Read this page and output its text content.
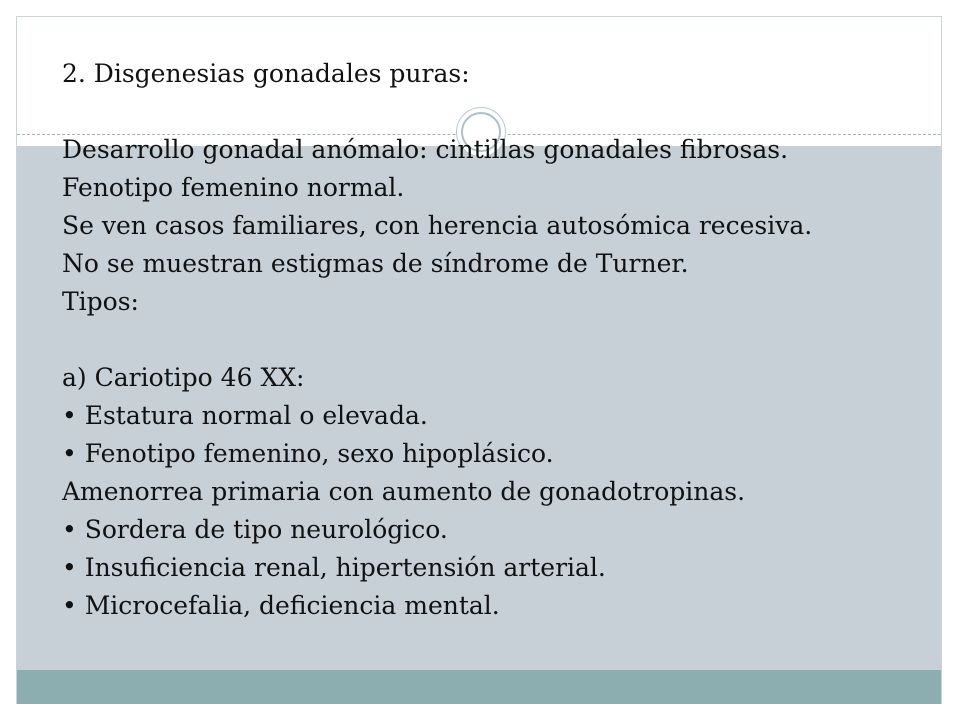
2. Disgenesias gonadales puras:
Desarrollo gonadal anómalo: cintillas gonadales fibrosas.
Fenotipo femenino normal.
Se ven casos familiares, con herencia autosómica recesiva.
No se muestran estigmas de síndrome de Turner.
Tipos:
a) Cariotipo 46 XX:
• Estatura normal o elevada.
• Fenotipo femenino, sexo hipoplásico.
Amenorrea primaria con aumento de gonadotropinas.
• Sordera de tipo neurológico.
• Insuficiencia renal, hipertensión arterial.
• Microcefalia, deficiencia mental.
